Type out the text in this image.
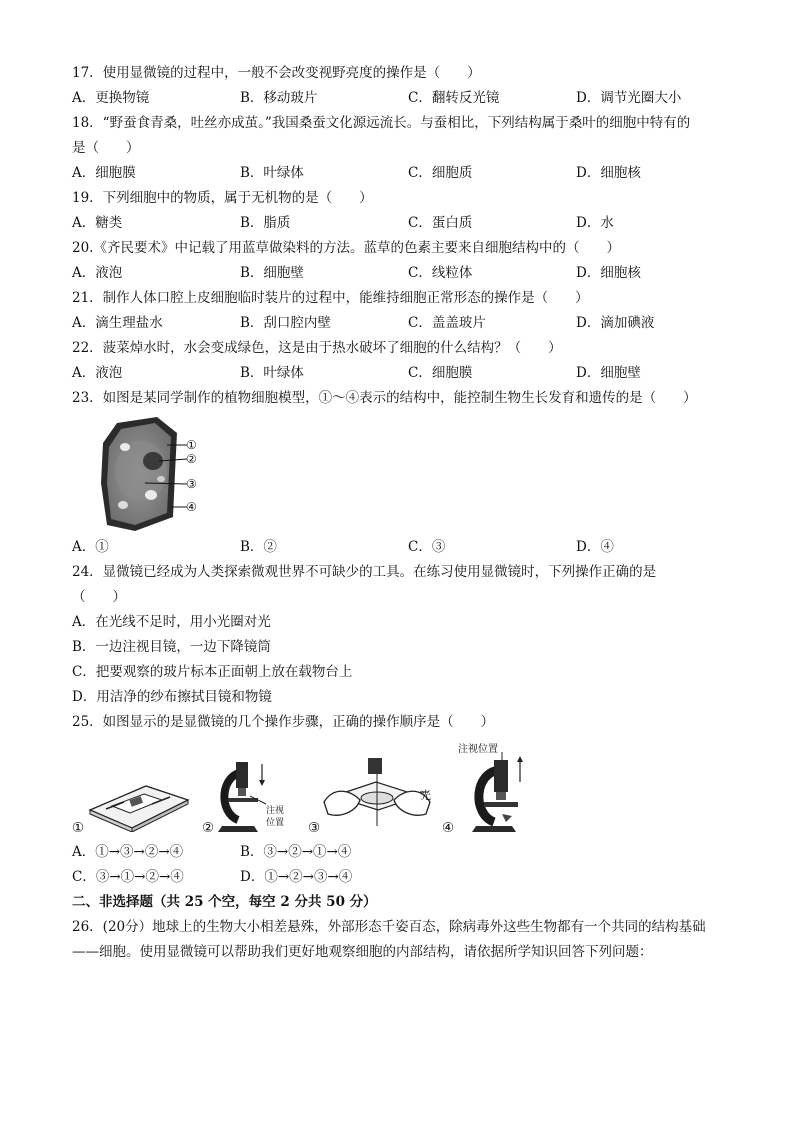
17．使用显微镜的过程中，一般不会改变视野亮度的操作是（　　）
A．更换物镜	B．移动玻片	C．翻转反光镜	D．调节光圈大小
18．“野蚕食青桑，吐丝亦成茧。”我国桑蚕文化源远流长。与蚕相比，下列结构属于桑叶的细胞中特有的
是（　　）
A．细胞膜	B．叶绿体	C．细胞质	D．细胞核
19．下列细胞中的物质，属于无机物的是（　　）
A．糖类	B．脂质	C．蛋白质	D．水
20.《齐民要术》中记载了用蓝草做染料的方法。蓝草的色素主要来自细胞结构中的（　　）
A．液泡	B．细胞壁	C．线粒体	D．细胞核
21．制作人体口腔上皮细胞临时装片的过程中，能维持细胞正常形态的操作是（　　）
A．滴生理盐水	B．刮口腔内壁	C．盖盖玻片	D．滴加碘液
22．菠菜焯水时，水会变成绿色，这是由于热水破坏了细胞的什么结构？（　　）
A．液泡	B．叶绿体	C．细胞膜	D．细胞壁
23．如图是某同学制作的植物细胞模型，①～④表示的结构中，能控制生物生长发育和遗传的是（　　）
①
②
③
④
A．①	B．②	C．③	D．④
24．显微镜已经成为人类探索微观世界不可缺少的工具。在练习使用显微镜时，下列操作正确的是
（　　）
A．在光线不足时，用小光圈对光
B．一边注视目镜，一边下降镜筒
C．把要观察的玻片标本正面朝上放在载物台上
D．用洁净的纱布擦拭目镜和物镜
25．如图显示的是显微镜的几个操作步骤，正确的操作顺序是（　　）
①	②
注视
位置 ③
光
④
注视位置
A．①→③→②→④	B．③→②→①→④
C．③→①→②→④	D．①→②→③→④
二、非选择题（共 25 个空，每空 2 分共 50 分）
26．(20分）地球上的生物大小相差悬殊，外部形态千姿百态，除病毒外这些生物都有一个共同的结构基础
——细胞。使用显微镜可以帮助我们更好地观察细胞的内部结构，请依据所学知识回答下列问题：
